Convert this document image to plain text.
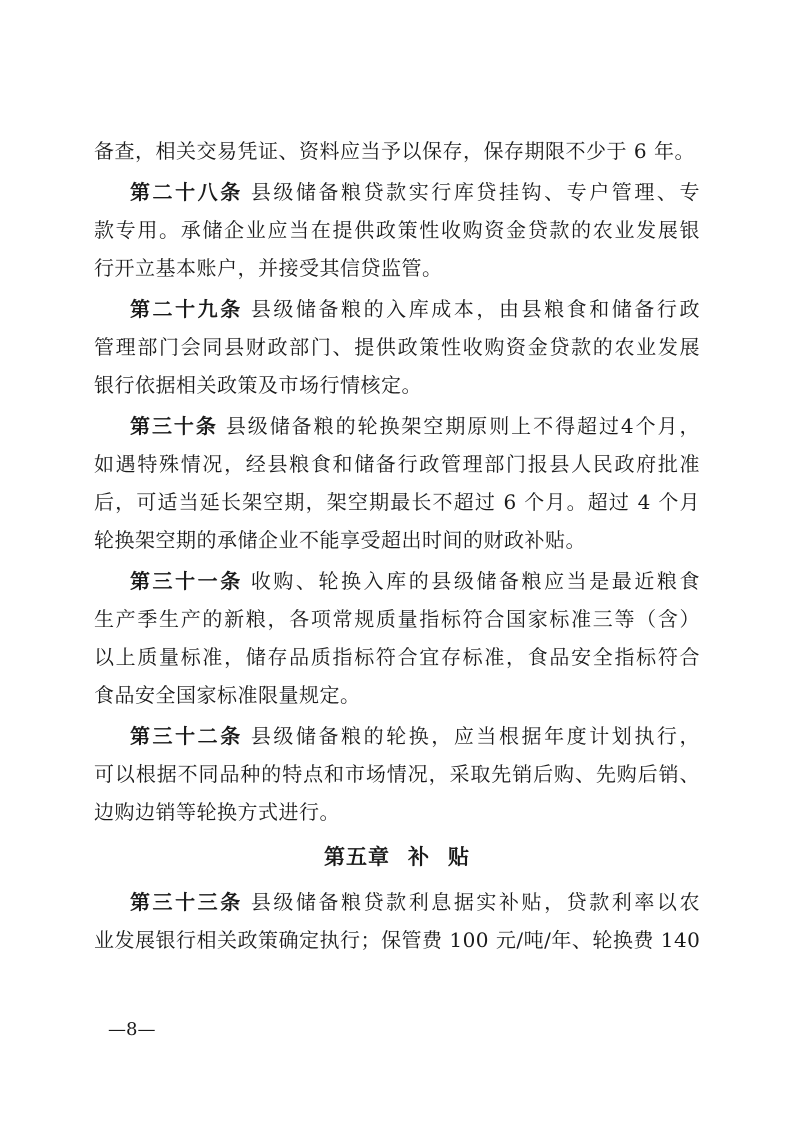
备查，相关交易凭证、资料应当予以保存，保存期限不少于 6 年。
第二十八条 县级储备粮贷款实行库贷挂钩、专户管理、专
款专用。承储企业应当在提供政策性收购资金贷款的农业发展银
行开立基本账户，并接受其信贷监管。
第二十九条 县级储备粮的入库成本，由县粮食和储备行政
管理部门会同县财政部门、提供政策性收购资金贷款的农业发展
银行依据相关政策及市场行情核定。
第三十条 县级储备粮的轮换架空期原则上不得超过4个月，
如遇特殊情况，经县粮食和储备行政管理部门报县人民政府批准
后，可适当延长架空期，架空期最长不超过 6 个月。超过 4 个月
轮换架空期的承储企业不能享受超出时间的财政补贴。
第三十一条 收购、轮换入库的县级储备粮应当是最近粮食
生产季生产的新粮，各项常规质量指标符合国家标准三等（含）
以上质量标准，储存品质指标符合宜存标准，食品安全指标符合
食品安全国家标准限量规定。
第三十二条 县级储备粮的轮换，应当根据年度计划执行，
可以根据不同品种的特点和市场情况，采取先销后购、先购后销、
边购边销等轮换方式进行。
第五章 补 贴
第三十三条 县级储备粮贷款利息据实补贴，贷款利率以农
业发展银行相关政策确定执行；保管费 100 元/吨/年、轮换费 140
—8—
